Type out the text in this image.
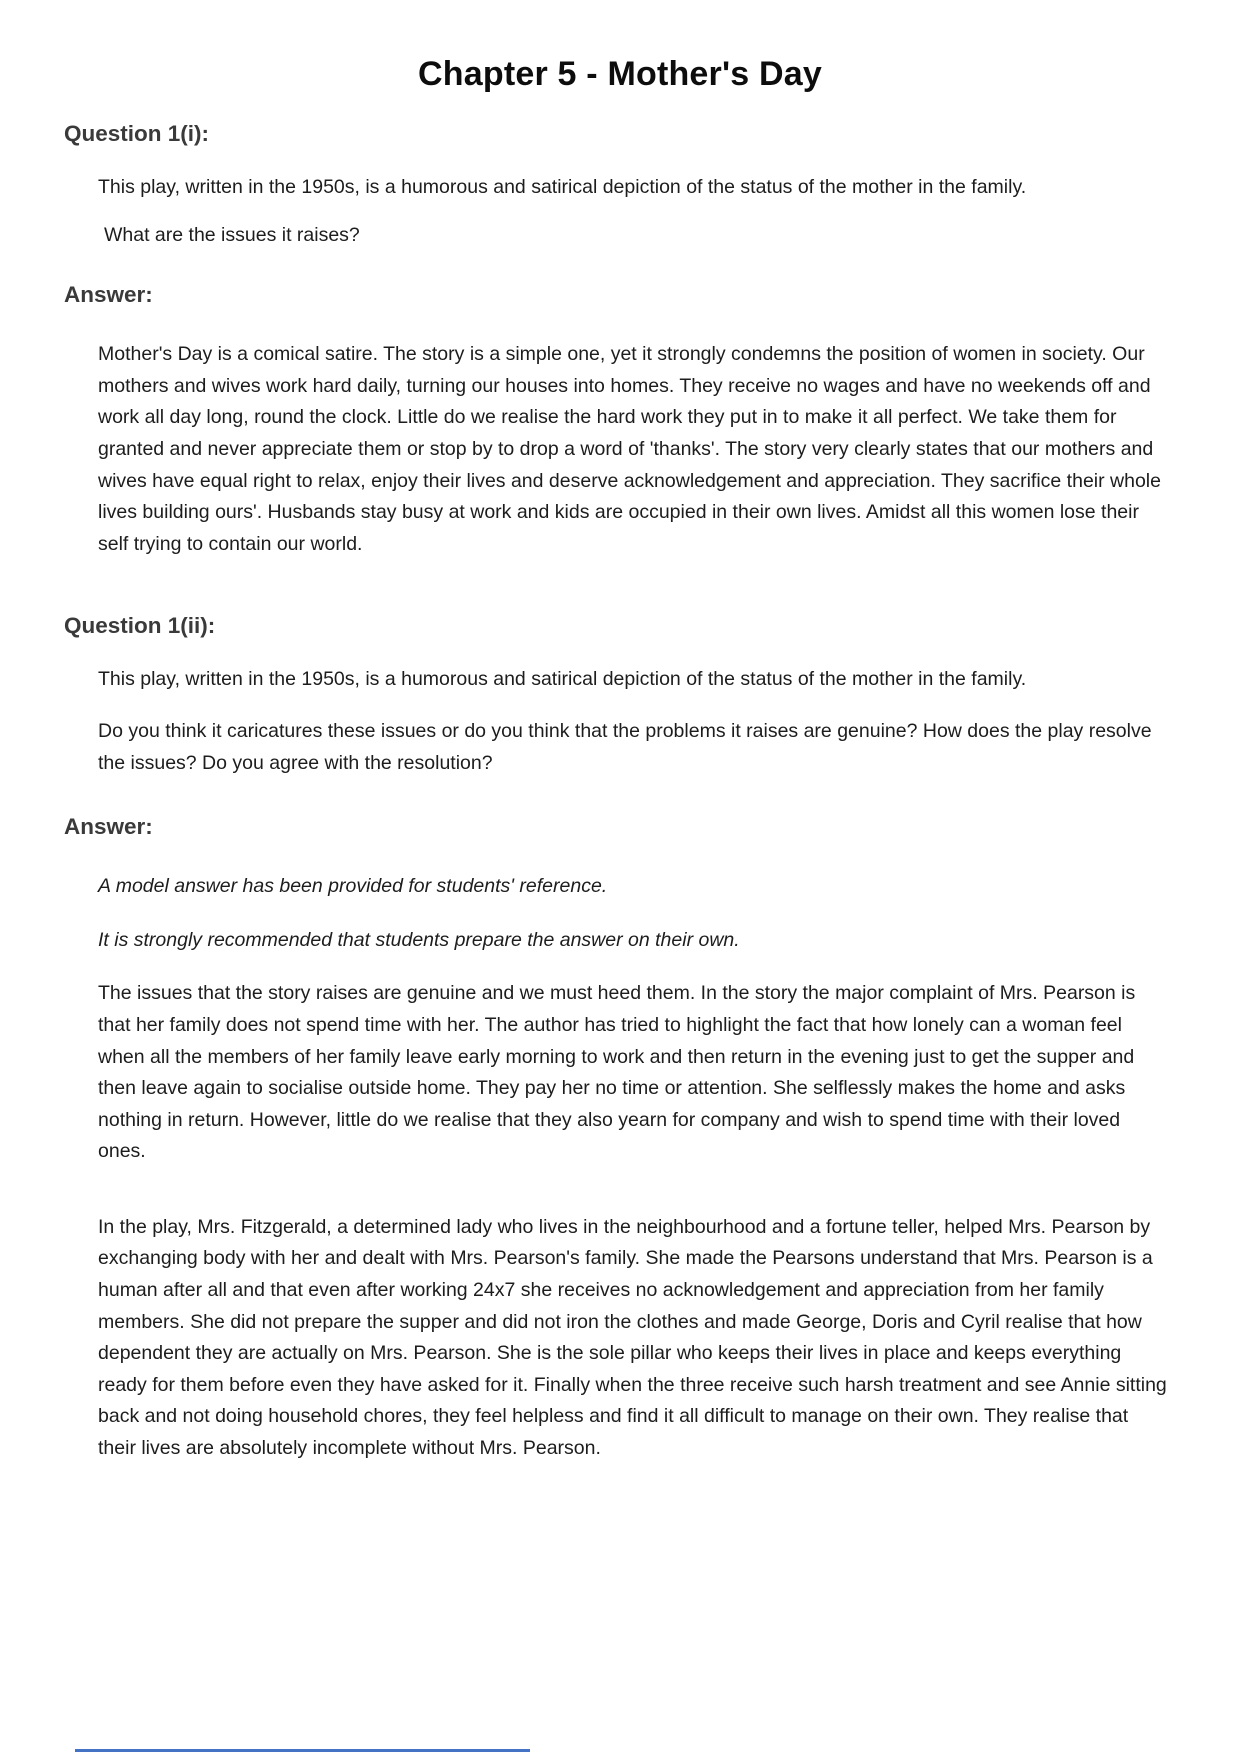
Chapter 5 - Mother's Day
Question 1(i):

This play, written in the 1950s, is a humorous and satirical depiction of the status of the mother in the family.

What are the issues it raises?

Answer:

Mother's Day is a comical satire. The story is a simple one, yet it strongly condemns the position of women in society. Our mothers and wives work hard daily, turning our houses into homes. They receive no wages and have no weekends off and work all day long, round the clock. Little do we realise the hard work they put in to make it all perfect. We take them for granted and never appreciate them or stop by to drop a word of 'thanks'. The story very clearly states that our mothers and wives have equal right to relax, enjoy their lives and deserve acknowledgement and appreciation. They sacrifice their whole lives building ours'. Husbands stay busy at work and kids are occupied in their own lives. Amidst all this women lose their self trying to contain our world.

Question 1(ii):

This play, written in the 1950s, is a humorous and satirical depiction of the status of the mother in the family.

Do you think it caricatures these issues or do you think that the problems it raises are genuine? How does the play resolve the issues? Do you agree with the resolution?

Answer:

A model answer has been provided for students' reference.

It is strongly recommended that students prepare the answer on their own.

The issues that the story raises are genuine and we must heed them. In the story the major complaint of Mrs. Pearson is that her family does not spend time with her. The author has tried to highlight the fact that how lonely can a woman feel when all the members of her family leave early morning to work and then return in the evening just to get the supper and then leave again to socialise outside home. They pay her no time or attention. She selflessly makes the home and asks nothing in return. However, little do we realise that they also yearn for company and wish to spend time with their loved ones.

In the play, Mrs. Fitzgerald, a determined lady who lives in the neighbourhood and a fortune teller, helped Mrs. Pearson by exchanging body with her and dealt with Mrs. Pearson's family. She made the Pearsons understand that Mrs. Pearson is a human after all and that even after working 24x7 she receives no acknowledgement and appreciation from her family members. She did not prepare the supper and did not iron the clothes and made George, Doris and Cyril realise that how dependent they are actually on Mrs. Pearson. She is the sole pillar who keeps their lives in place and keeps everything ready for them before even they have asked for it. Finally when the three receive such harsh treatment and see Annie sitting back and not doing household chores, they feel helpless and find it all difficult to manage on their own. They realise that their lives are absolutely incomplete without Mrs. Pearson.
